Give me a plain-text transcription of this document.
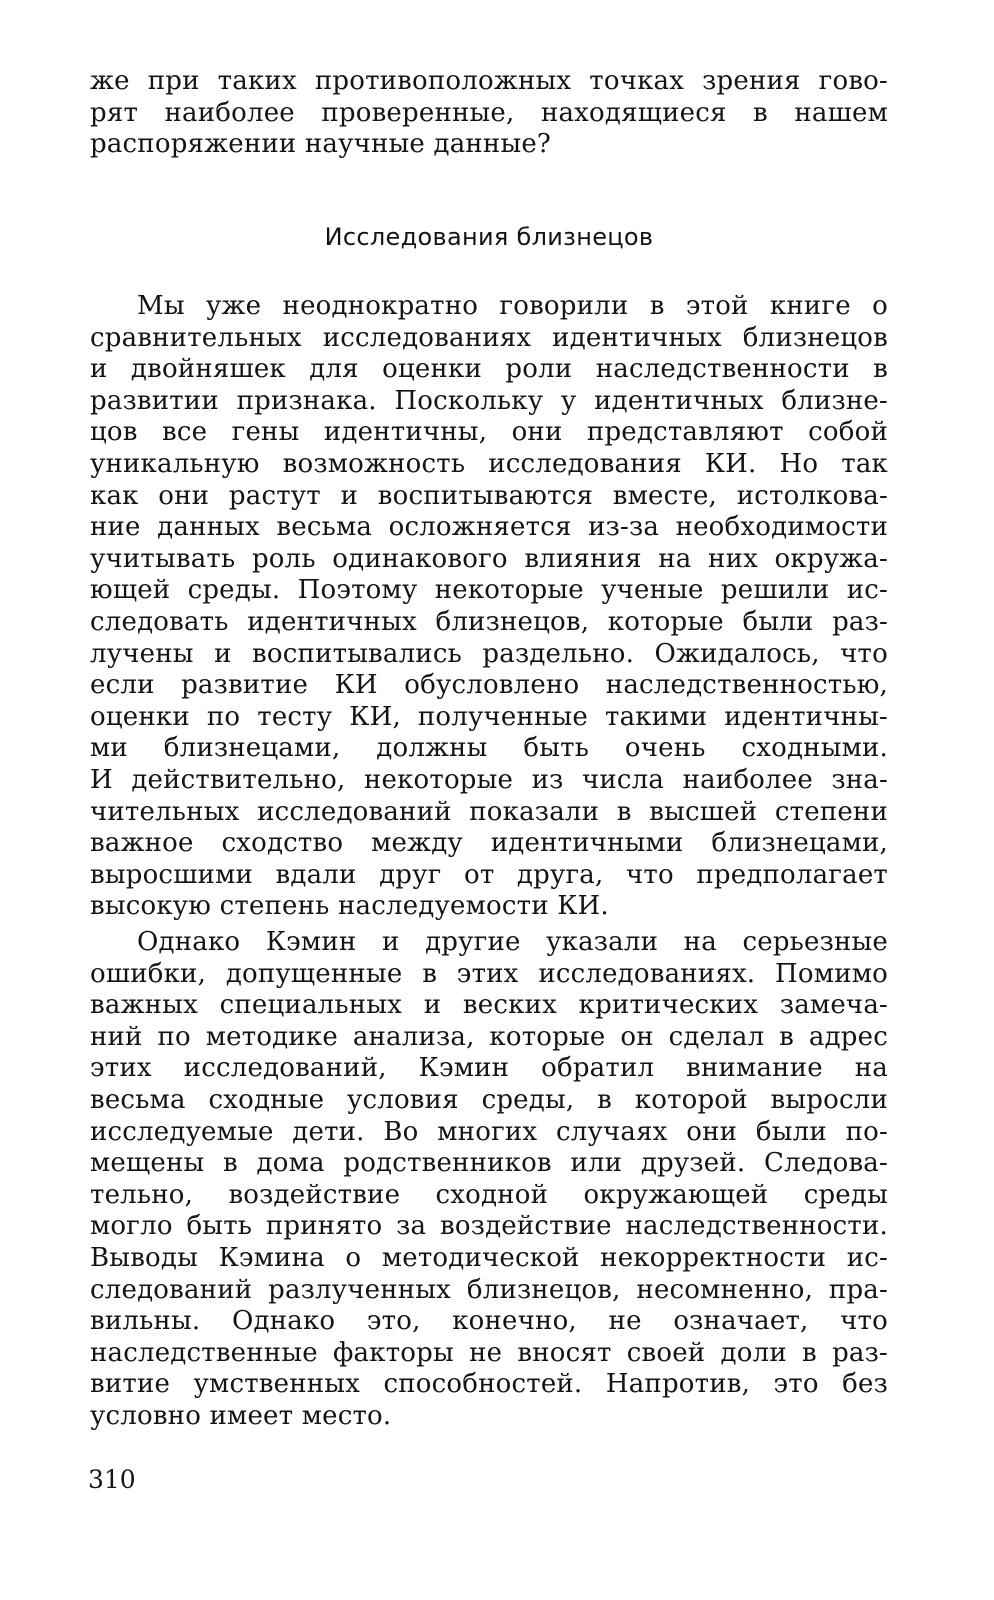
же при таких противоположных точках зрения гово-
рят наиболее проверенные, находящиеся в нашем
распоряжении научные данные?
Исследования близнецов
Мы уже неоднократно говорили в этой книге о
сравнительных исследованиях идентичных близнецов
и двойняшек для оценки роли наследственности в
развитии признака. Поскольку у идентичных близне-
цов все гены идентичны, они представляют собой
уникальную возможность исследования КИ. Но так
как они растут и воспитываются вместе, истолкова-
ние данных весьма осложняется из-за необходимости
учитывать роль одинакового влияния на них окружа-
ющей среды. Поэтому некоторые ученые решили ис-
следовать идентичных близнецов, которые были раз-
лучены и воспитывались раздельно. Ожидалось, что
если развитие КИ обусловлено наследственностью,
оценки по тесту КИ, полученные такими идентичны-
ми близнецами, должны быть очень сходными.
И действительно, некоторые из числа наиболее зна-
чительных исследований показали в высшей степени
важное сходство между идентичными близнецами,
выросшими вдали друг от друга, что предполагает
высокую степень наследуемости КИ.
Однако Кэмин и другие указали на серьезные
ошибки, допущенные в этих исследованиях. Помимо
важных специальных и веских критических замеча-
ний по методике анализа, которые он сделал в адрес
этих исследований, Кэмин обратил внимание на
весьма сходные условия среды, в которой выросли
исследуемые дети. Во многих случаях они были по-
мещены в дома родственников или друзей. Следова-
тельно, воздействие сходной окружающей среды
могло быть принято за воздействие наследственности.
Выводы Кэмина о методической некорректности ис-
следований разлученных близнецов, несомненно, пра-
вильны. Однако это, конечно, не означает, что
наследственные факторы не вносят своей доли в раз-
витие умственных способностей. Напротив, это без
условно имеет место.
310
